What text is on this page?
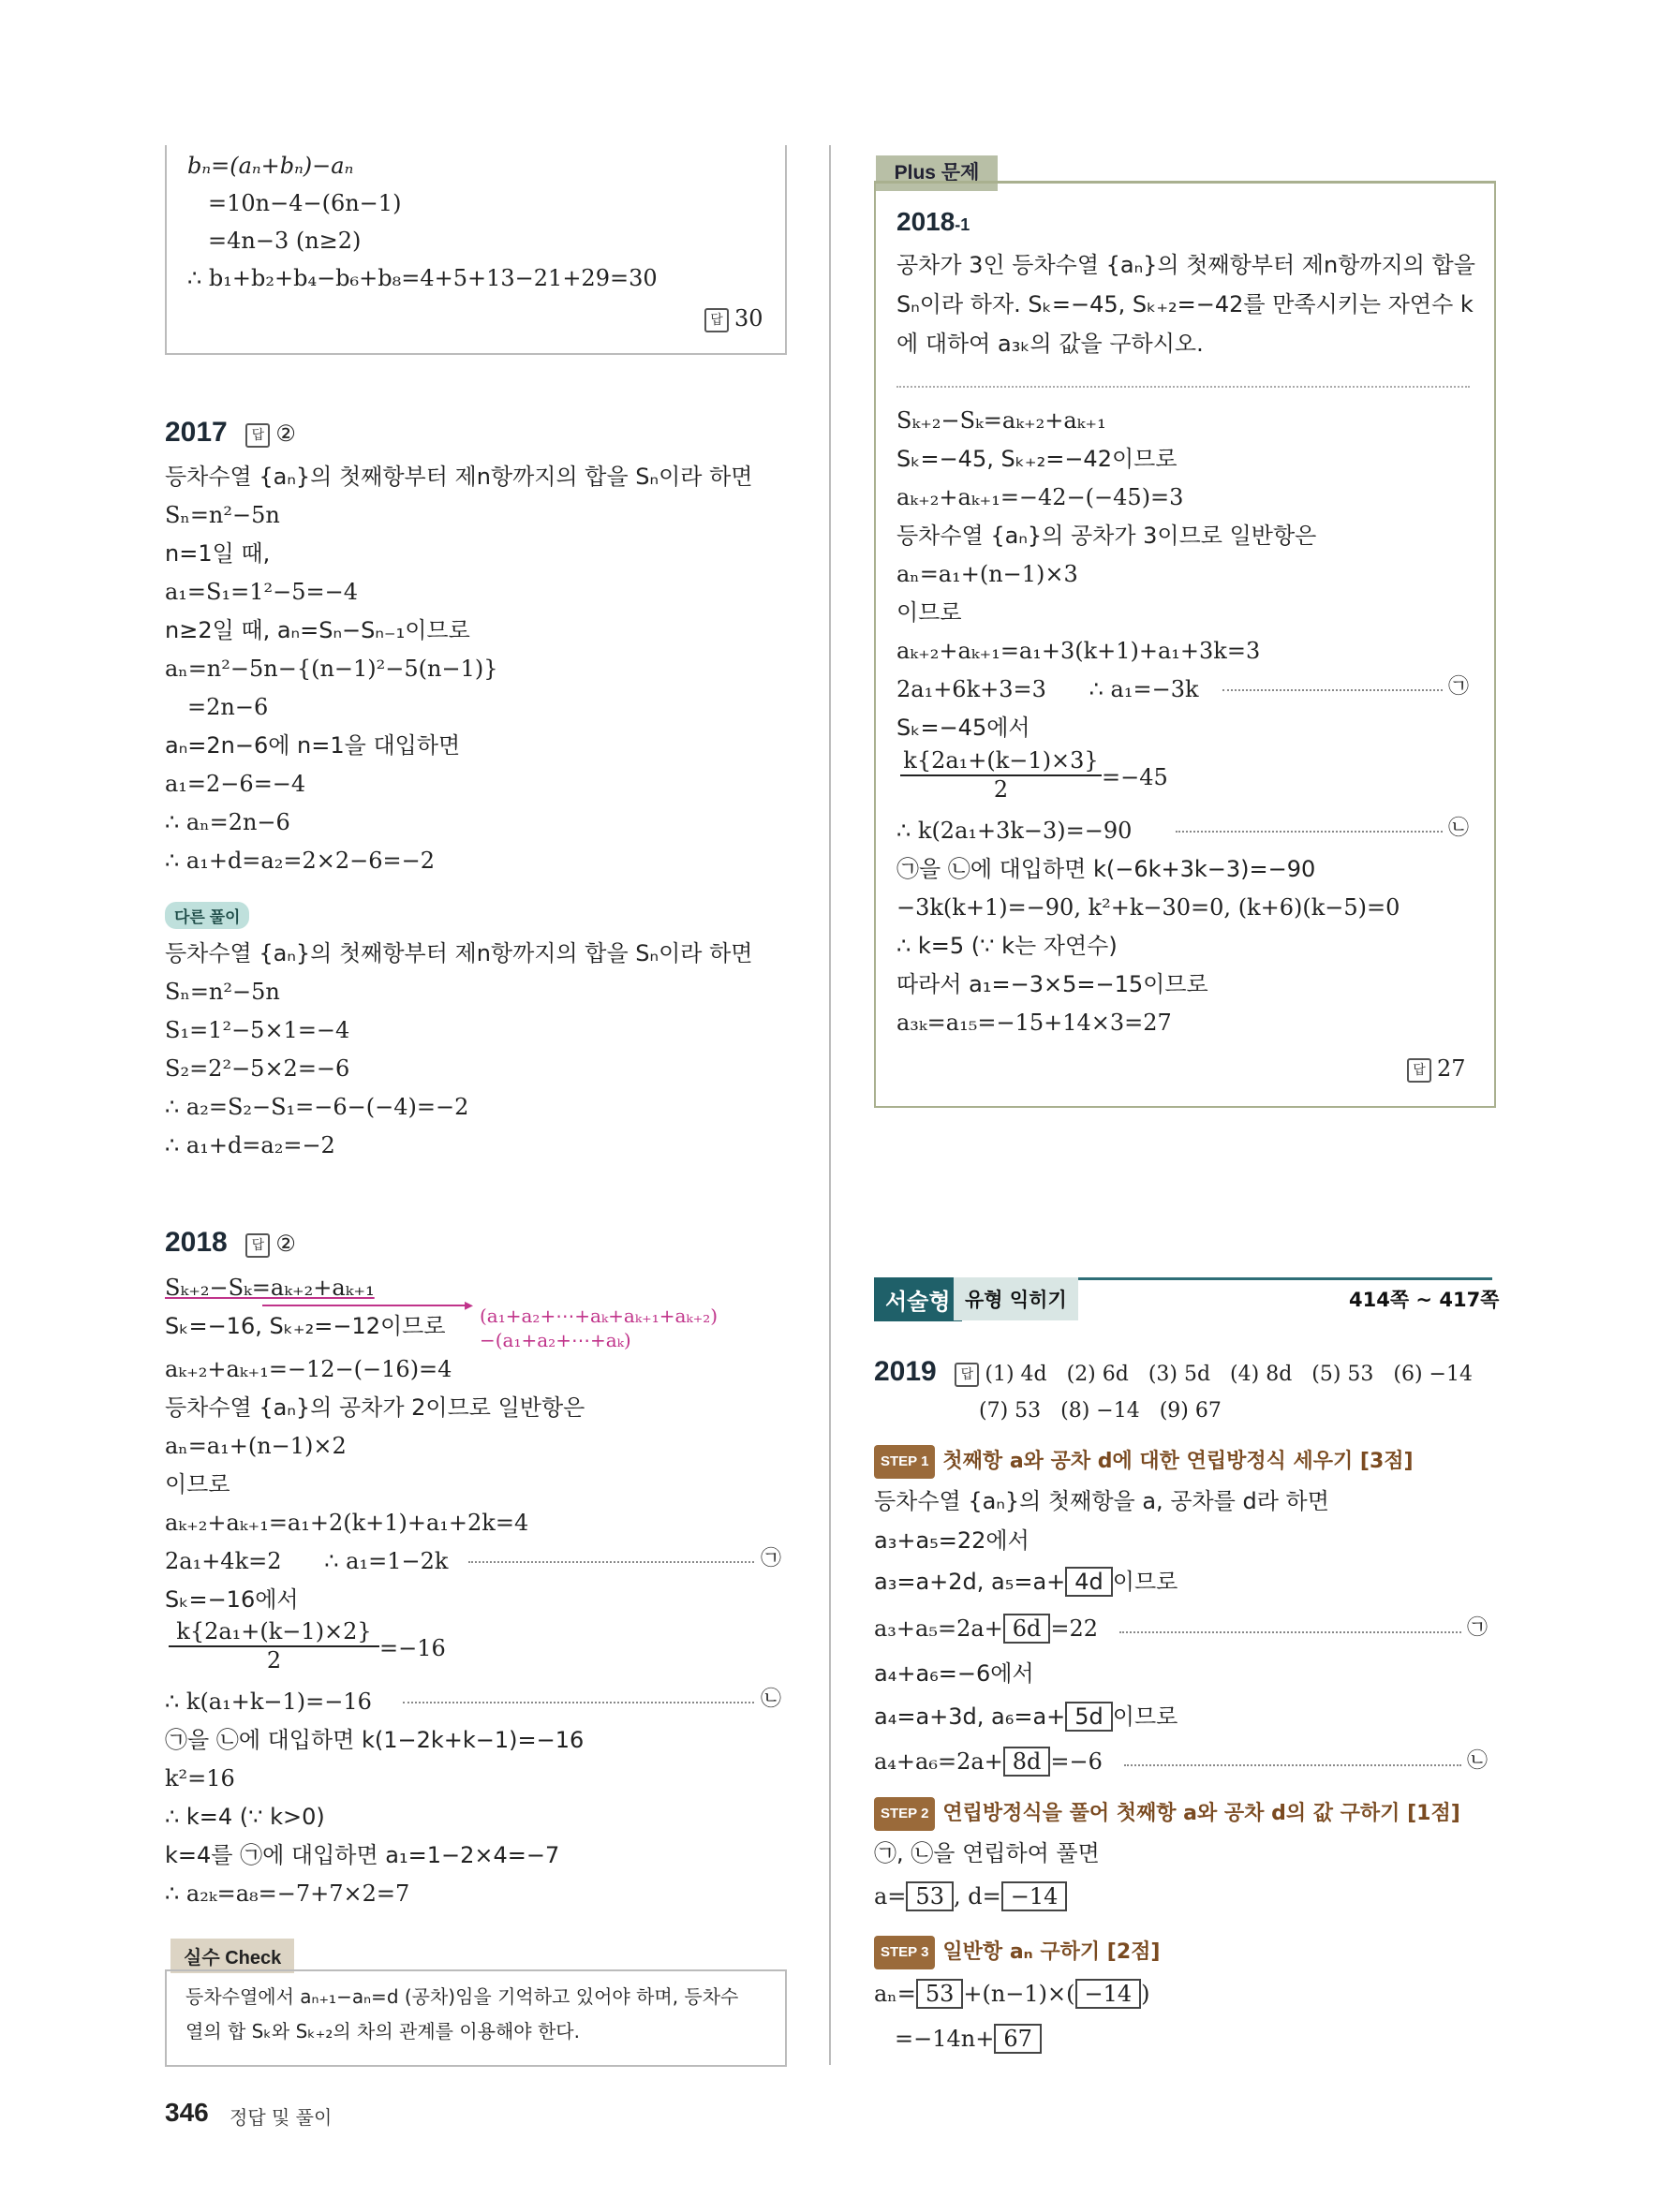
bₙ=(aₙ+bₙ)−aₙ
=10n−4−(6n−1)
=4n−3 (n≥2)
∴ b₁+b₂+b₄−b₆+b₈=4+5+13−21+29=30
답 30
2017 답 ②
등차수열 {aₙ}의 첫째항부터 제n항까지의 합을 Sₙ이라 하면
Sₙ=n²−5n
n=1일 때,
a₁=S₁=1²−5=−4
n≥2일 때, aₙ=Sₙ−Sₙ₋₁이므로
aₙ=n²−5n−{(n−1)²−5(n−1)}
=2n−6
aₙ=2n−6에 n=1을 대입하면
a₁=2−6=−4
∴ aₙ=2n−6
∴ a₁+d=a₂=2×2−6=−2
다른 풀이
등차수열 {aₙ}의 첫째항부터 제n항까지의 합을 Sₙ이라 하면
Sₙ=n²−5n
S₁=1²−5×1=−4
S₂=2²−5×2=−6
∴ a₂=S₂−S₁=−6−(−4)=−2
∴ a₁+d=a₂=−2
2018 답 ②
Sₖ₊₂−Sₖ=aₖ₊₂+aₖ₊₁
Sₖ=−16, Sₖ₊₂=−12이므로
▸ (a₁+a₂+⋯+aₖ+aₖ₊₁+aₖ₊₂)
−(a₁+a₂+⋯+aₖ)
aₖ₊₂+aₖ₊₁=−12−(−16)=4
등차수열 {aₙ}의 공차가 2이므로 일반항은
aₙ=a₁+(n−1)×2
이므로
aₖ₊₂+aₖ₊₁=a₁+2(k+1)+a₁+2k=4
2a₁+4k=2      ∴ a₁=1−2k	㉠
Sₖ=−16에서
$\frac{\text{k\{2a₁+(k−1)×2\}}}{2} =-16$
∴ k(a₁+k−1)=−16	㉡
㉠을 ㉡에 대입하면 k(1−2k+k−1)=−16
k²=16
∴ k=4 (∵ k>0)
k=4를 ㉠에 대입하면 a₁=1−2×4=−7
∴ a₂ₖ=a₈=−7+7×2=7
실수 Check
등차수열에서 aₙ₊₁−aₙ=d (공차)임을 기억하고 있어야 하며, 등차수
열의 합 Sₖ와 Sₖ₊₂의 차의 관계를 이용해야 한다.
346 정답 및 풀이
Plus 문제
2018-1
공차가 3인 등차수열 {aₙ}의 첫째항부터 제n항까지의 합을
Sₙ이라 하자. Sₖ=−45, Sₖ₊₂=−42를 만족시키는 자연수 k
에 대하여 a₃ₖ의 값을 구하시오.
Sₖ₊₂−Sₖ=aₖ₊₂+aₖ₊₁
Sₖ=−45, Sₖ₊₂=−42이므로
aₖ₊₂+aₖ₊₁=−42−(−45)=3
등차수열 {aₙ}의 공차가 3이므로 일반항은
aₙ=a₁+(n−1)×3
이므로
aₖ₊₂+aₖ₊₁=a₁+3(k+1)+a₁+3k=3
2a₁+6k+3=3      ∴ a₁=−3k	㉠
Sₖ=−45에서
$\frac{\text{k\{2a₁+(k−1)×3\}}}{2} =-45$
∴ k(2a₁+3k−3)=−90	㉡
㉠을 ㉡에 대입하면 k(−6k+3k−3)=−90
−3k(k+1)=−90, k²+k−30=0, (k+6)(k−5)=0
∴ k=5 (∵ k는 자연수)
따라서 a₁=−3×5=−15이므로
a₃ₖ=a₁₅=−15+14×3=27
답 27
서술형 유형 익히기	414쪽 ~ 417쪽
2019 답 (1) 4d   (2) 6d   (3) 5d   (4) 8d   (5) 53   (6) −14
(7) 53   (8) −14   (9) 67
STEP 1 첫째항 a와 공차 d에 대한 연립방정식 세우기 [3점]
등차수열 {aₙ}의 첫째항을 a, 공차를 d라 하면
a₃+a₅=22에서
a₃=a+2d, a₅=a+ 4d 이므로
a₃+a₅=2a+ 6d =22	㉠
a₄+a₆=−6에서
a₄=a+3d, a₆=a+ 5d 이므로
a₄+a₆=2a+ 8d =−6	㉡
STEP 2 연립방정식을 풀어 첫째항 a와 공차 d의 값 구하기 [1점]
㉠, ㉡을 연립하여 풀면
a= 53 , d= −14
STEP 3 일반항 aₙ 구하기 [2점]
aₙ= 53 +(n−1)×( −14 )
=−14n+ 67
